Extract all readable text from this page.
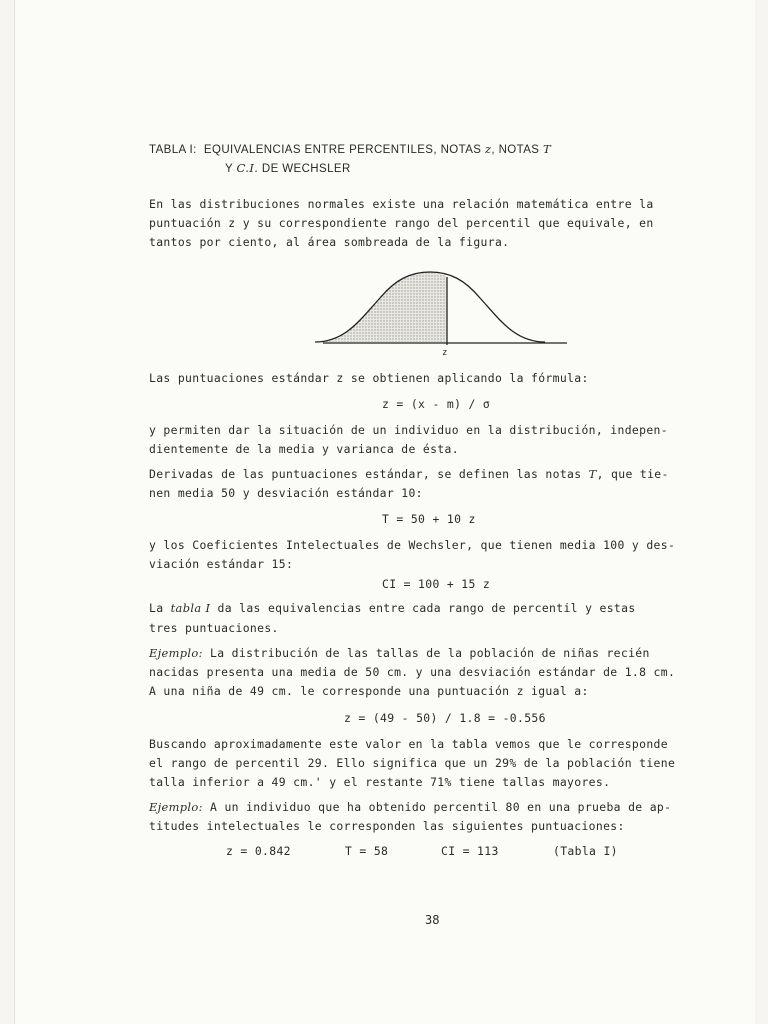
TABLA I:  EQUIVALENCIAS ENTRE PERCENTILES, NOTAS z, NOTAS T
Y C.I. DE WECHSLER
En las distribuciones normales existe una relación matemática entre la
puntuación z y su correspondiente rango del percentil que equivale, en
tantos por ciento, al área sombreada de la figura.
z
Las puntuaciones estándar z se obtienen aplicando la fórmula:
z = (x - m) / σ
y permiten dar la situación de un individuo en la distribución, indepen-
dientemente de la media y varianca de ésta.
Derivadas de las puntuaciones estándar, se definen las notas T, que tie-
nen media 50 y desviación estándar 10:
T = 50 + 10 z
y los Coeficientes Intelectuales de Wechsler, que tienen media 100 y des-
viación estándar 15:
CI = 100 + 15 z
La tabla I da las equivalencias entre cada rango de percentil y estas
tres puntuaciones.
Ejemplo: La distribución de las tallas de la población de niñas recién
nacidas presenta una media de 50 cm. y una desviación estándar de 1.8 cm.
A una niña de 49 cm. le corresponde una puntuación z igual a:
z = (49 - 50) / 1.8 = -0.556
Buscando aproximadamente este valor en la tabla vemos que le corresponde
el rango de percentil 29. Ello significa que un 29% de la población tiene
talla inferior a 49 cm.' y el restante 71% tiene tallas mayores.
Ejemplo: A un individuo que ha obtenido percentil 80 en una prueba de ap-
titudes intelectuales le corresponden las siguientes puntuaciones:
z = 0.842	T = 58	CI = 113	(Tabla I)
38
